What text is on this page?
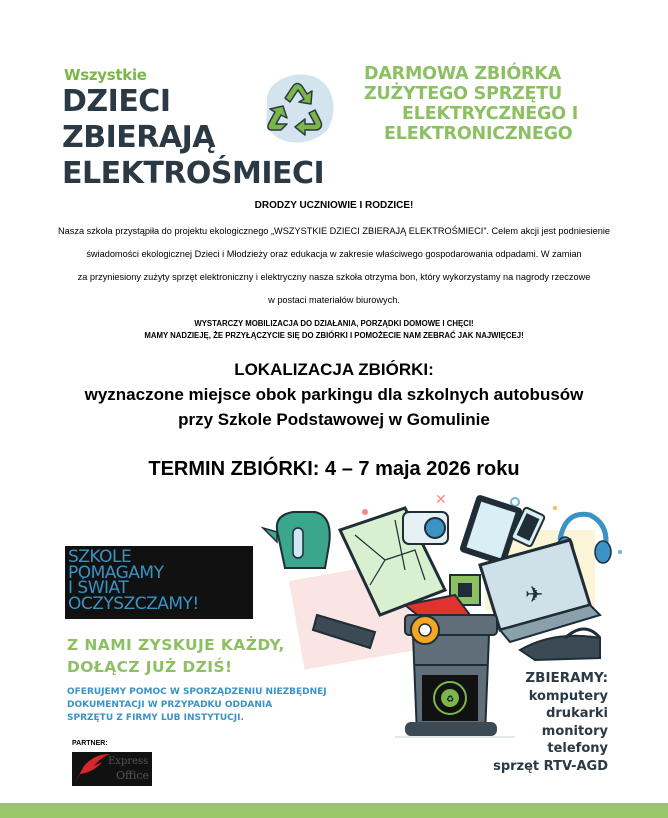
Wszystkie
DZIECI
ZBIERAJĄ
ELEKTROŚMIECI
DARMOWA ZBIÓRKA
ZUŻYTEGO SPRZĘTU
ELEKTRYCZNEGO I
ELEKTRONICZNEGO
DRODZY UCZNIOWIE I RODZICE!
Nasza szkoła przystąpiła do projektu ekologicznego „WSZYSTKIE DZIECI ZBIERAJĄ ELEKTROŚMIECI”. Celem akcji jest podniesienie
świadomości ekologicznej Dzieci i Młodzieży oraz edukacja w zakresie właściwego gospodarowania odpadami. W zamian
za przyniesiony zużyty sprzęt elektroniczny i elektryczny nasza szkoła otrzyma bon, który wykorzystamy na nagrody rzeczowe
w postaci materiałów biurowych.
WYSTARCZY MOBILIZACJA DO DZIAŁANIA, PORZĄDKI DOMOWE I CHĘCI!
MAMY NADZIEJĘ, ŻE PRZYŁĄCZYCIE SIĘ DO ZBIÓRKI I POMOŻECIE NAM ZEBRAĆ JAK NAJWIĘCEJ!
LOKALIZACJA ZBIÓRKI:
wyznaczone miejsce obok parkingu dla szkolnych autobusów
przy Szkole Podstawowej w Gomulinie
TERMIN ZBIÓRKI: 4 – 7 maja 2026 roku
SZKOLE
POMAGAMY
I ŚWIAT
OCZYSZCZAMY!
Z NAMI ZYSKUJE KAŻDY,
DOŁĄCZ JUŻ DZIŚ!
OFERUJEMY POMOC W SPORZĄDZENIU NIEZBĘDNEJ
DOKUMENTACJI W PRZYPADKU ODDANIA
SPRZĘTU Z FIRMY LUB INSTYTUCJI.
PARTNER:
Express
Office
✕
✈
♻
ZBIERAMY:
komputery
drukarki
monitory
telefony
sprzęt RTV-AGD
